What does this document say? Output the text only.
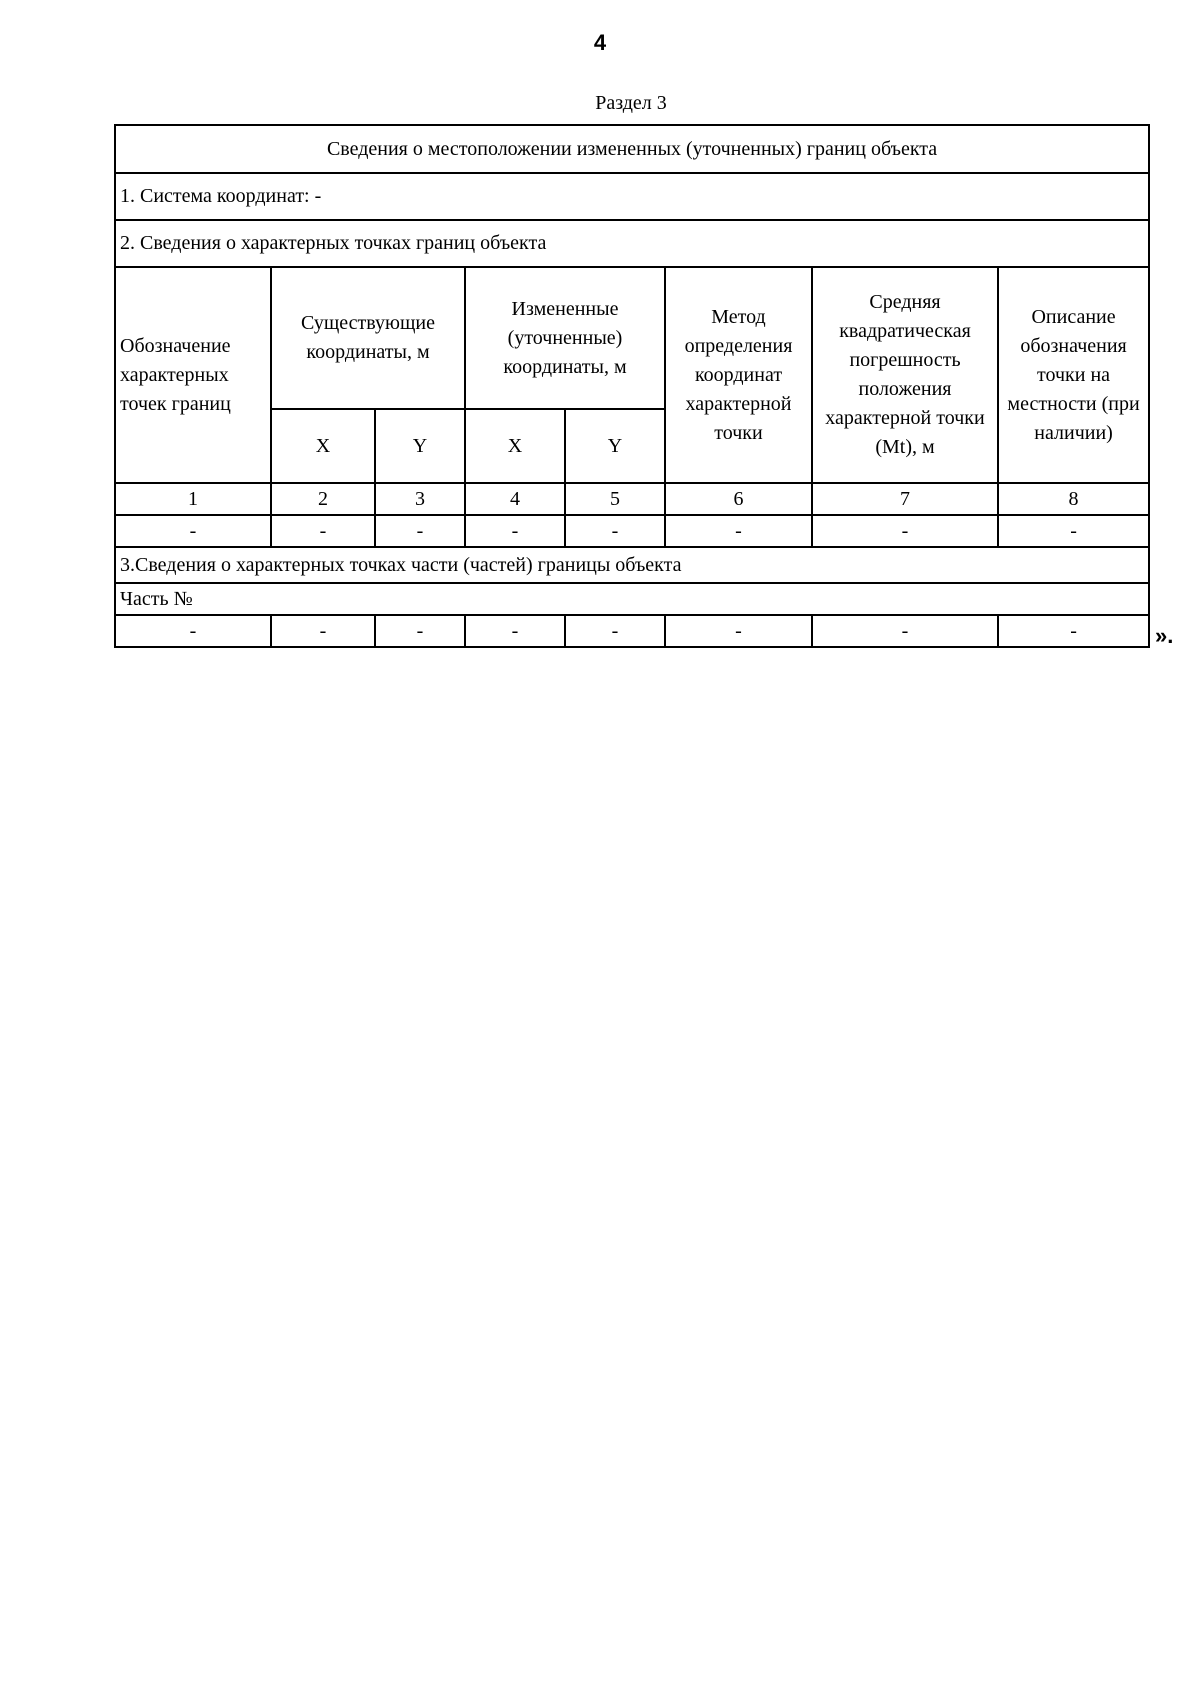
4
Раздел 3
Сведения о местоположении измененных (уточненных) границ объекта							
1. Система координат: -							
2. Сведения о характерных точках границ объекта							
Обозначение характерных точек границ	Существующие координаты, м		Измененные (уточненные) координаты, м		Метод определения координат характерной точки	Средняя квадратическая погрешность положения характерной точки (Mt), м	Описание обозначения точки на местности (при наличии)
	X	Y	X	Y			
1	2	3	4	5	6	7	8
-	-	-	-	-	-	-	-
3.Сведения о характерных точках части (частей) границы объекта							
Часть №							
-	-	-	-	-	-	-	-	».
